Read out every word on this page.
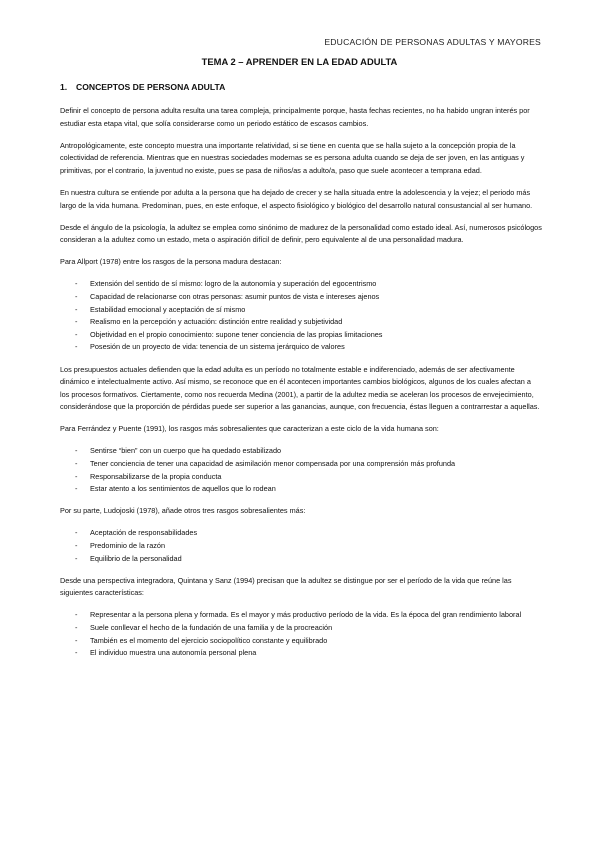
EDUCACIÓN DE PERSONAS ADULTAS Y MAYORES
TEMA 2 – APRENDER EN LA EDAD ADULTA
1.	CONCEPTOS DE PERSONA ADULTA

Definir el concepto de persona adulta resulta una tarea compleja, principalmente porque, hasta fechas recientes, no ha habido ungran interés por estudiar esta etapa vital, que solía considerarse como un periodo estático de escasos cambios.

Antropológicamente, este concepto muestra una importante relatividad, si se tiene en cuenta que se halla sujeto a la concepción propia de la colectividad de referencia. Mientras que en nuestras sociedades modernas se es persona adulta cuando se deja de ser joven, en las antiguas y primitivas, por el contrario, la juventud no existe, pues se pasa de niños/as a adulto/a, paso que suele acontecer a temprana edad.

En nuestra cultura se entiende por adulta a la persona que ha dejado de crecer y se halla situada entre la adolescencia y la vejez; el periodo más largo de la vida humana. Predominan, pues, en este enfoque, el aspecto fisiológico y biológico del desarrollo natural consustancial al ser humano.

Desde el ángulo de la psicología, la adultez se emplea como sinónimo de madurez de la personalidad como estado ideal. Así, numerosos psicólogos consideran a la adultez como un estado, meta o aspiración difícil de definir, pero equivalente al de una personalidad madura.

Para Allport (1978) entre los rasgos de la persona madura destacan:

-	Extensión del sentido de sí mismo: logro de la autonomía y superación del egocentrismo
-	Capacidad de relacionarse con otras personas: asumir puntos de vista e intereses ajenos
-	Estabilidad emocional y aceptación de sí mismo
-	Realismo en la percepción y actuación: distinción entre realidad y subjetividad
-	Objetividad en el propio conocimiento: supone tener conciencia de las propias limitaciones
-	Posesión de un proyecto de vida: tenencia de un sistema jerárquico de valores

Los presupuestos actuales defienden que la edad adulta es un período no totalmente estable e indiferenciado, además de ser afectivamente dinámico e intelectualmente activo. Así mismo, se reconoce que en él acontecen importantes cambios biológicos, algunos de los cuales afectan a los procesos formativos. Ciertamente, como nos recuerda Medina (2001), a partir de la adultez media se aceleran los procesos de envejecimiento, considerándose que la proporción de pérdidas puede ser superior a las ganancias, aunque, con frecuencia, éstas lleguen a contrarrestar a aquellas.

Para Ferrández y Puente (1991), los rasgos más sobresalientes que caracterizan a este ciclo de la vida humana son:

-	Sentirse “bien” con un cuerpo que ha quedado estabilizado
-	Tener conciencia de tener una capacidad de asimilación menor compensada por una comprensión más profunda
-	Responsabilizarse de la propia conducta
-	Estar atento a los sentimientos de aquellos que lo rodean

Por su parte, Ludojoski (1978), añade otros tres rasgos sobresalientes más:

-	Aceptación de responsabilidades
-	Predominio de la razón
-	Equilibrio de la personalidad

Desde una perspectiva integradora, Quintana y Sanz (1994) precisan que la adultez se distingue por ser el período de la vida que reúne las siguientes características:

-	Representar a la persona plena y formada. Es el mayor y más productivo período de la vida. Es la época del gran rendimiento laboral
-	Suele conllevar el hecho de la fundación de una familia y de la procreación
-	También es el momento del ejercicio sociopolítico constante y equilibrado
-	El individuo muestra una autonomía personal plena
